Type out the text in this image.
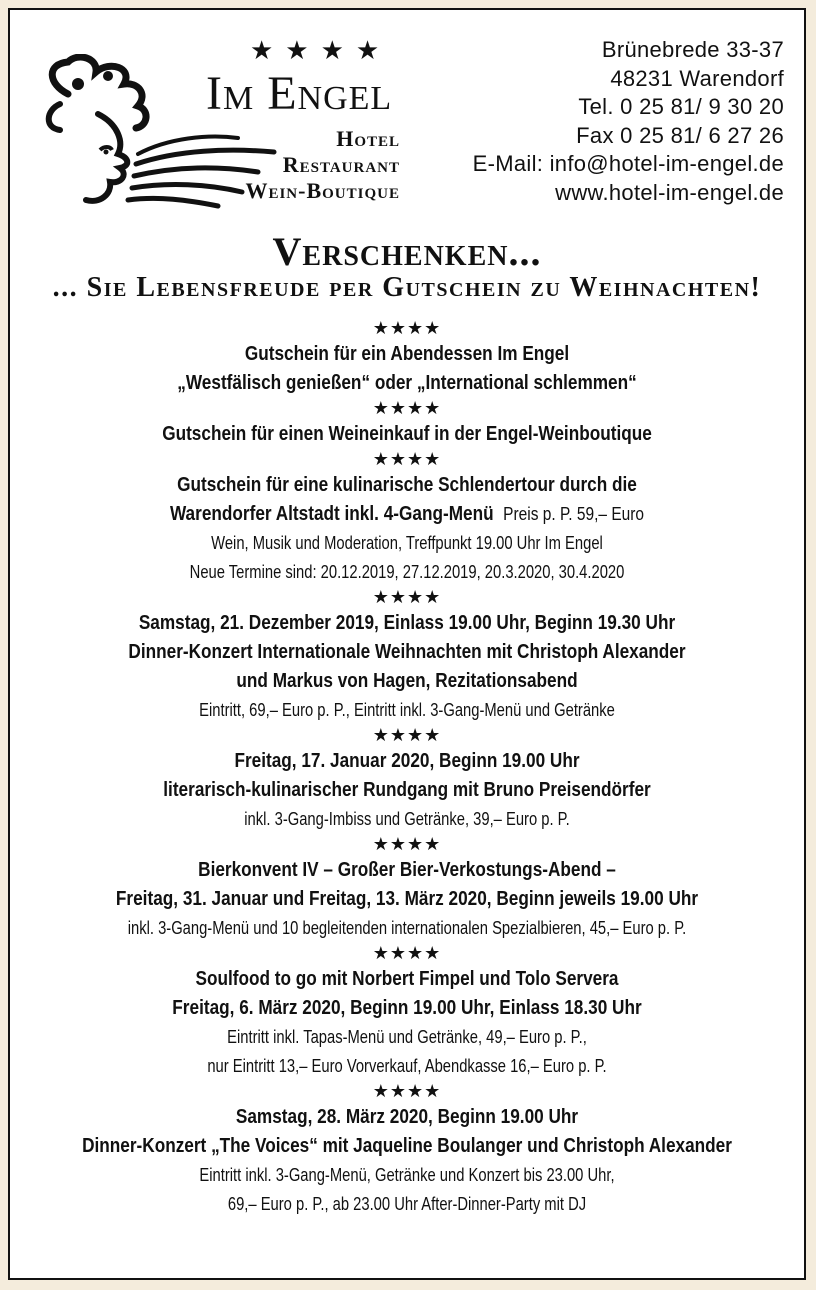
★★★★
Im Engel
Hotel
Restaurant
Wein-Boutique
Brünebrede 33-37
48231 Warendorf
Tel. 0 25 81/ 9 30 20
Fax 0 25 81/ 6 27 26
E-Mail: info@hotel-im-engel.de
www.hotel-im-engel.de
Verschenken...
... Sie Lebensfreude per Gutschein zu Weihnachten!
★★★★
Gutschein für ein Abendessen Im Engel
„Westfälisch genießen“ oder „International schlemmen“
★★★★
Gutschein für einen Weineinkauf in der Engel-Weinboutique
★★★★
Gutschein für eine kulinarische Schlendertour durch die
Warendorfer Altstadt inkl. 4-Gang-Menü Preis p. P. 59,– Euro
Wein, Musik und Moderation, Treffpunkt 19.00 Uhr Im Engel
Neue Termine sind: 20.12.2019, 27.12.2019, 20.3.2020, 30.4.2020
★★★★
Samstag, 21. Dezember 2019, Einlass 19.00 Uhr, Beginn 19.30 Uhr
Dinner-Konzert Internationale Weihnachten mit Christoph Alexander
und Markus von Hagen, Rezitationsabend
Eintritt, 69,– Euro p. P., Eintritt inkl. 3-Gang-Menü und Getränke
★★★★
Freitag, 17. Januar 2020, Beginn 19.00 Uhr
literarisch-kulinarischer Rundgang mit Bruno Preisendörfer
inkl. 3-Gang-Imbiss und Getränke, 39,– Euro p. P.
★★★★
Bierkonvent IV – Großer Bier-Verkostungs-Abend –
Freitag, 31. Januar und Freitag, 13. März 2020, Beginn jeweils 19.00 Uhr
inkl. 3-Gang-Menü und 10 begleitenden internationalen Spezialbieren, 45,– Euro p. P.
★★★★
Soulfood to go mit Norbert Fimpel und Tolo Servera
Freitag, 6. März 2020, Beginn 19.00 Uhr, Einlass 18.30 Uhr
Eintritt inkl. Tapas-Menü und Getränke, 49,– Euro p. P.,
nur Eintritt 13,– Euro Vorverkauf, Abendkasse 16,– Euro p. P.
★★★★
Samstag, 28. März 2020, Beginn 19.00 Uhr
Dinner-Konzert „The Voices“ mit Jaqueline Boulanger und Christoph Alexander
Eintritt inkl. 3-Gang-Menü, Getränke und Konzert bis 23.00 Uhr,
69,– Euro p. P., ab 23.00 Uhr After-Dinner-Party mit DJ
